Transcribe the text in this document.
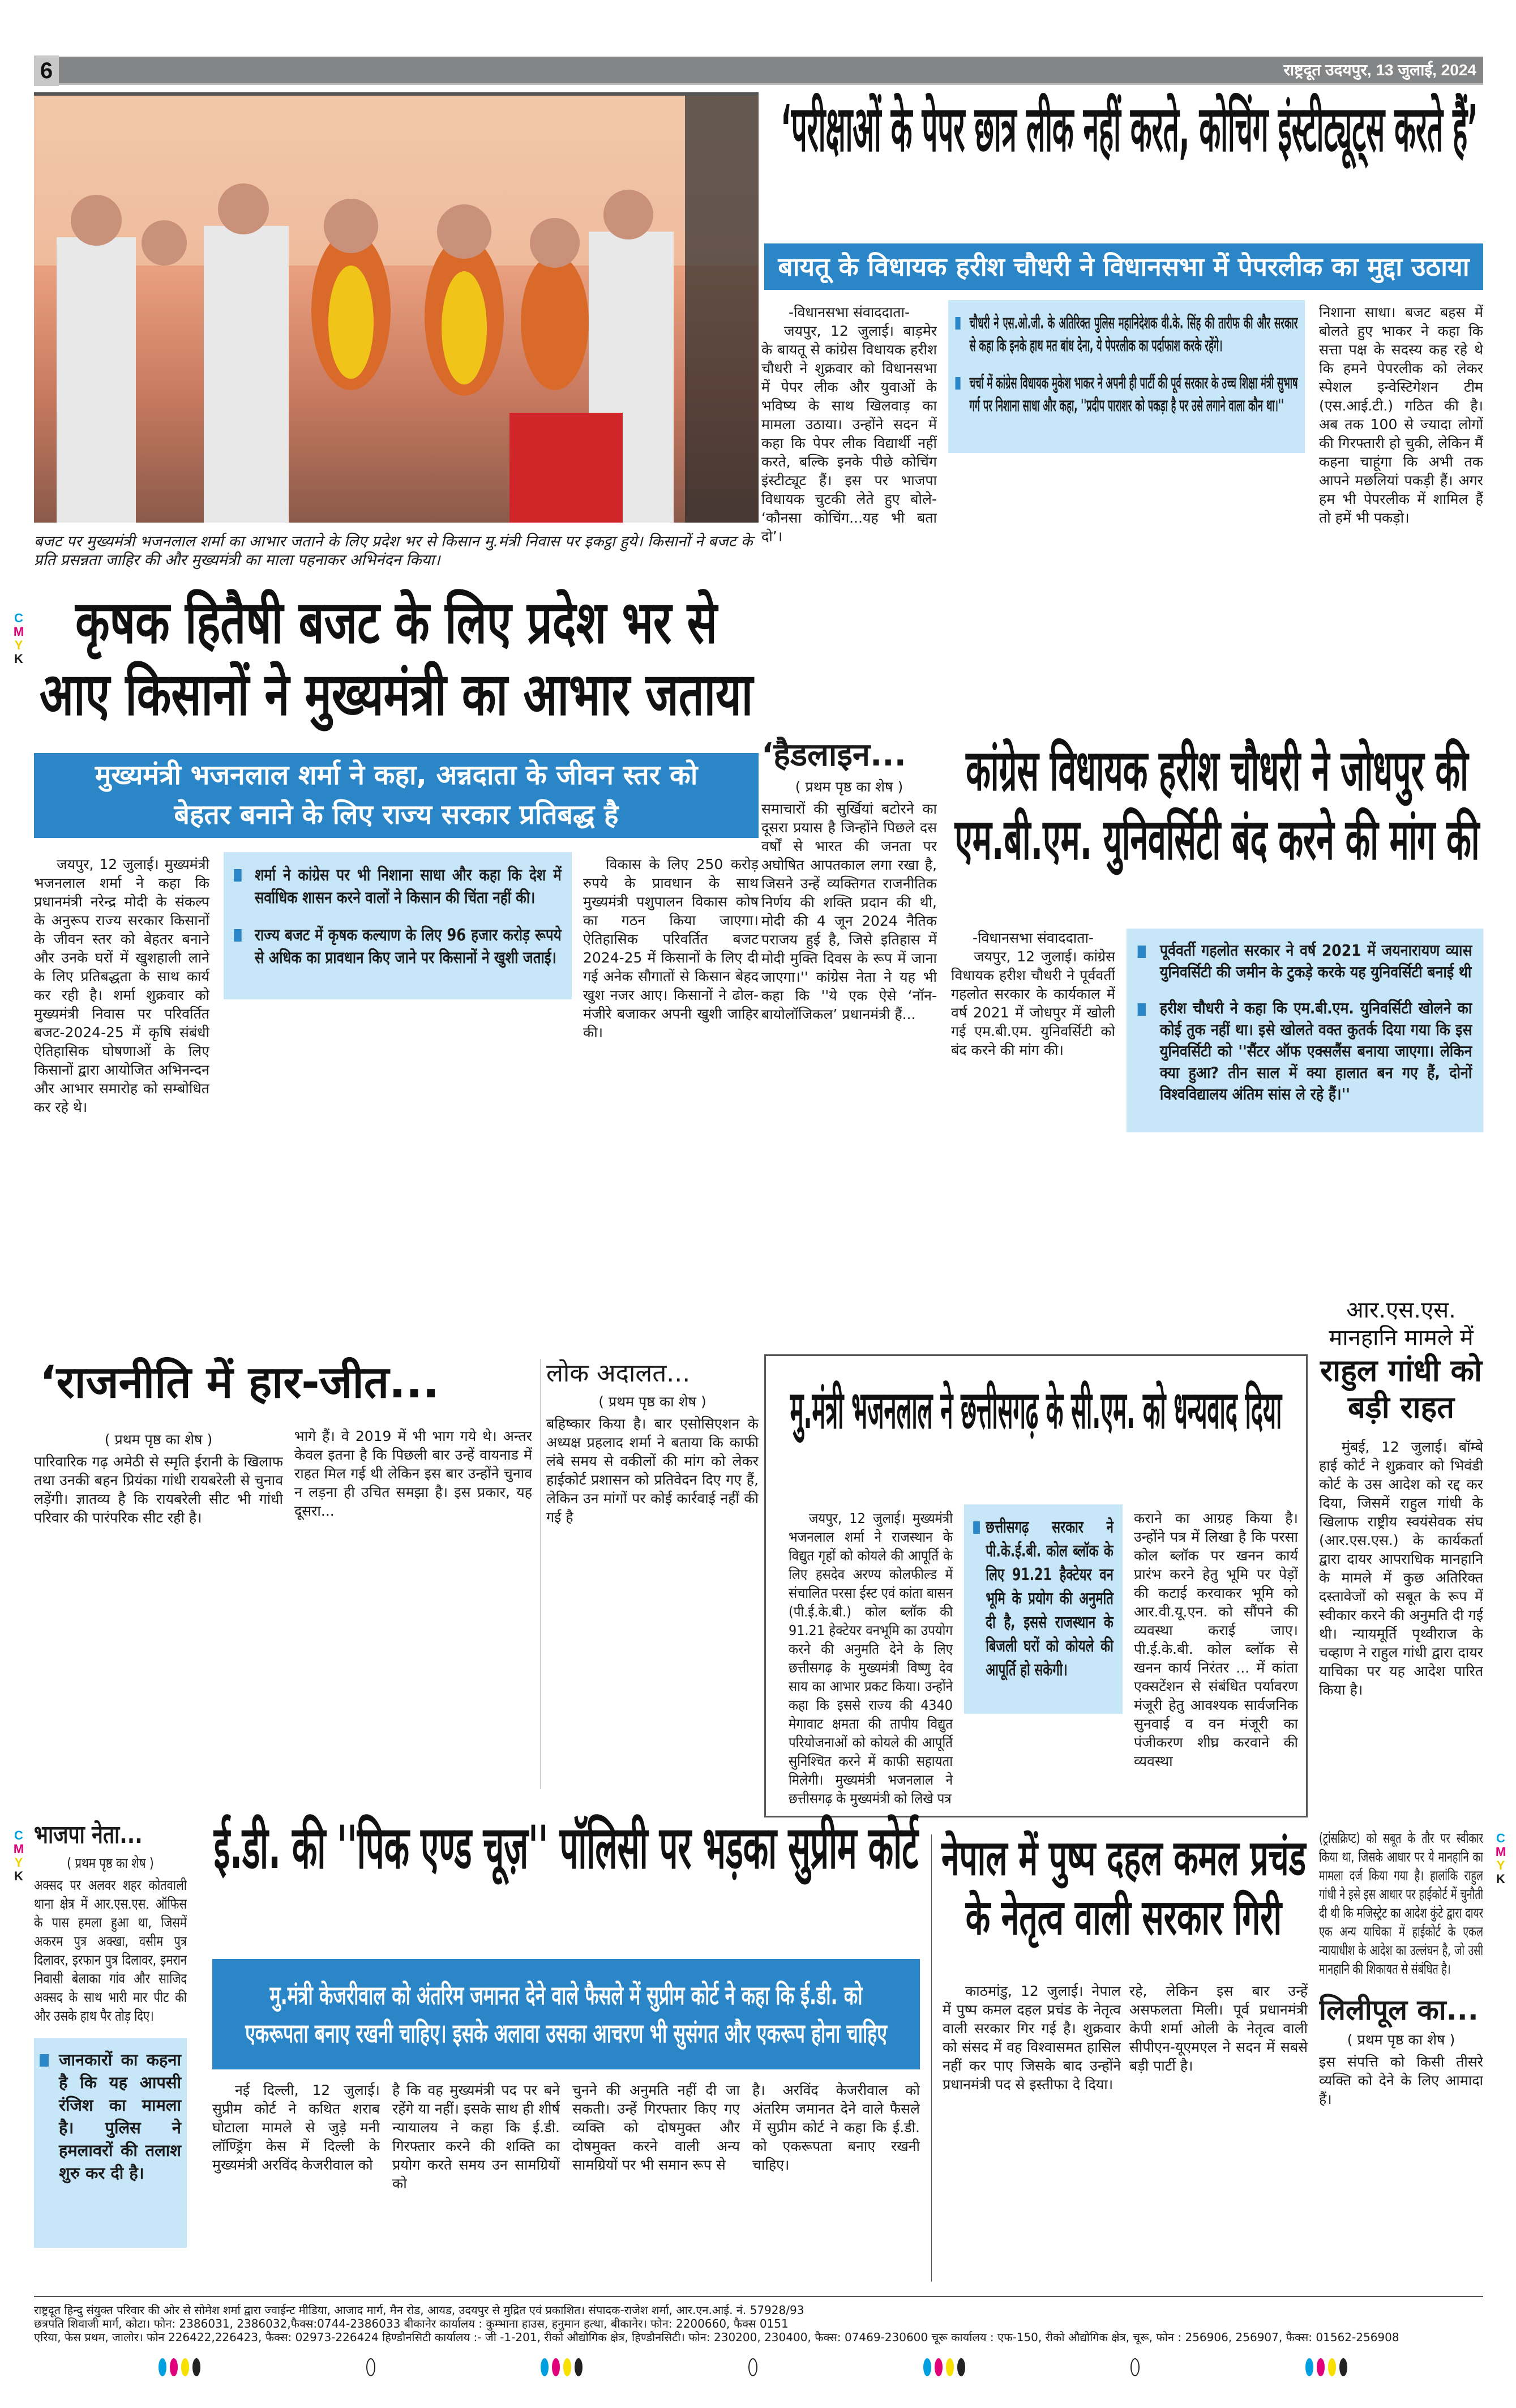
6	राष्ट्रदूत उदयपुर, 13 जुलाई, 2024
बजट पर मुख्यमंत्री भजनलाल शर्मा का आभार जताने के लिए प्रदेश भर से किसान मु.मंत्री निवास पर इकट्ठा हुये। किसानों ने बजट के प्रति प्रसन्नता जाहिर की और मुख्यमंत्री का माला पहनाकर अभिनंदन किया।
C
M
Y
K
कृषक हितैषी बजट के लिए प्रदेश भर से आए किसानों ने मुख्यमंत्री का आभार जताया
मुख्यमंत्री भजनलाल शर्मा ने कहा, अन्नदाता के जीवन स्तर को बेहतर बनाने के लिए राज्य सरकार प्रतिबद्ध है

जयपुर, 12 जुलाई। मुख्यमंत्री भजनलाल शर्मा ने कहा कि प्रधानमंत्री नरेन्द्र मोदी के संकल्प के अनुरूप राज्य सरकार किसानों के जीवन स्तर को बेहतर बनाने और उनके घरों में खुशहाली लाने के लिए प्रतिबद्धता के साथ कार्य कर रही है। शर्मा शुक्रवार को मुख्यमंत्री निवास पर परिवर्तित बजट-2024-25 में कृषि संबंधी ऐतिहासिक घोषणाओं के लिए किसानों द्वारा आयोजित अभिनन्दन और आभार समारोह को सम्बोधित कर रहे थे।

शर्मा ने कांग्रेस पर भी निशाना साधा और कहा कि देश में सर्वाधिक शासन करने वालों ने किसान की चिंता नहीं की।
राज्य बजट में कृषक कल्याण के लिए 96 हजार करोड़ रूपये से अधिक का प्रावधान किए जाने पर किसानों ने खुशी जताई।

विकास के लिए 250 करोड़ रुपये के प्रावधान के साथ मुख्यमंत्री पशुपालन विकास कोष का गठन किया जाएगा। ऐतिहासिक परिवर्तित बजट 2024-25 में किसानों के लिए दी गई अनेक सौगातों से किसान बेहद खुश नजर आए। किसानों ने ढोल-मंजीरे बजाकर अपनी खुशी जाहिर की।

‘परीक्षाओं के पेपर छात्र लीक नहीं करते, कोचिंग इंस्टीट्यूट्स करते हैं’
बायतू के विधायक हरीश चौधरी ने विधानसभा में पेपरलीक का मुद्दा उठाया
-विधानसभा संवाददाता-

जयपुर, 12 जुलाई। बाड़मेर के बायतू से कांग्रेस विधायक हरीश चौधरी ने शुक्रवार को विधानसभा में पेपर लीक और युवाओं के भविष्य के साथ खिलवाड़ का मामला उठाया। उन्होंने सदन में कहा कि पेपर लीक विद्यार्थी नहीं करते, बल्कि इनके पीछे कोचिंग इंस्टीट्यूट हैं। इस पर भाजपा विधायक चुटकी लेते हुए बोले- ‘कौनसा कोचिंग...यह भी बता दो’।

चौधरी ने एस.ओ.जी. के अतिरिक्त पुलिस महानिदेशक वी.के. सिंह की तारीफ की और सरकार से कहा कि इनके हाथ मत बांध देना, ये पेपरलीक का पर्दाफाश करके रहेंगे।
चर्चा में कांग्रेस विधायक मुकेश भाकर ने अपनी ही पार्टी की पूर्व सरकार के उच्च शिक्षा मंत्री सुभाष गर्ग पर निशाना साधा और कहा, ''प्रदीप पाराशर को पकड़ा है पर उसे लगाने वाला कौन था।''

निशाना साधा। बजट बहस में बोलते हुए भाकर ने कहा कि सत्ता पक्ष के सदस्य कह रहे थे कि हमने पेपरलीक को लेकर स्पेशल इन्वेस्टिगेशन टीम (एस.आई.टी.) गठित की है। अब तक 100 से ज्यादा लोगों की गिरफ्तारी हो चुकी, लेकिन मैं कहना चाहूंगा कि अभी तक आपने मछलियां पकड़ी हैं। अगर हम भी पेपरलीक में शामिल हैं तो हमें भी पकड़ो।

‘हैडलाइन...
( प्रथम पृष्ठ का शेष )
समाचारों की सुर्खियां बटोरने का दूसरा प्रयास है जिन्होंने पिछले दस वर्षों से भारत की जनता पर अघोषित आपतकाल लगा रखा है, जिसने उन्हें व्यक्तिगत राजनीतिक निर्णय की शक्ति प्रदान की थी, मोदी की 4 जून 2024 नैतिक पराजय हुई है, जिसे इतिहास में मोदी मुक्ति दिवस के रूप में जाना जाएगा।'' कांग्रेस नेता ने यह भी कहा कि ''ये एक ऐसे ‘नॉन-बायोलॉजिकल’ प्रधानमंत्री हैं...
कांग्रेस विधायक हरीश चौधरी ने जोधपुर की एम.बी.एम. युनिवर्सिटी बंद करने की मांग की
-विधानसभा संवाददाता-

जयपुर, 12 जुलाई। कांग्रेस विधायक हरीश चौधरी ने पूर्ववर्ती गहलोत सरकार के कार्यकाल में वर्ष 2021 में जोधपुर में खोली गई एम.बी.एम. युनिवर्सिटी को बंद करने की मांग की।

पूर्ववर्ती गहलोत सरकार ने वर्ष 2021 में जयनारायण व्यास युनिवर्सिटी की जमीन के टुकड़े करके यह युनिवर्सिटी बनाई थी
हरीश चौधरी ने कहा कि एम.बी.एम. युनिवर्सिटी खोलने का कोई तुक नहीं था। इसे खोलते वक्त कुतर्क दिया गया कि इस युनिवर्सिटी को ''सैंटर ऑफ एक्सलैंस बनाया जाएगा। लेकिन क्या हुआ? तीन साल में क्या हालात बन गए हैं, दोनों विश्वविद्यालय अंतिम सांस ले रहे हैं।''
आर.एस.एस. मानहानि मामले में
राहुल गांधी को बड़ी राहत

मुंबई, 12 जुलाई। बॉम्बे हाई कोर्ट ने शुक्रवार को भिवंडी कोर्ट के उस आदेश को रद्द कर दिया, जिसमें राहुल गांधी के खिलाफ राष्ट्रीय स्वयंसेवक संघ (आर.एस.एस.) के कार्यकर्ता द्वारा दायर आपराधिक मानहानि के मामले में कुछ अतिरिक्त दस्तावेजों को सबूत के रूप में स्वीकार करने की अनुमति दी गई थी। न्यायमूर्ति पृथ्वीराज के चव्हाण ने राहुल गांधी द्वारा दायर याचिका पर यह आदेश पारित किया है।

(ट्रांसक्रिप्ट) को सबूत के तौर पर स्वीकार किया था, जिसके आधार पर ये मानहानि का मामला दर्ज किया गया है। हालांकि राहुल गांधी ने इसे इस आधार पर हाईकोर्ट में चुनौती दी थी कि मजिस्ट्रेट का आदेश कुंटे द्वारा दायर एक अन्य याचिका में हाईकोर्ट के एकल न्यायाधीश के आदेश का उल्लंघन है, जो उसी मानहानि की शिकायत से संबंधित है।
‘राजनीति में हार-जीत...
( प्रथम पृष्ठ का शेष )

पारिवारिक गढ़ अमेठी से स्मृति ईरानी के खिलाफ तथा उनकी बहन प्रियंका गांधी रायबरेली से चुनाव लड़ेंगी। ज्ञातव्य है कि रायबरेली सीट भी गांधी परिवार की पारंपरिक सीट रही है।

भागे हैं। वे 2019 में भी भाग गये थे। अन्तर केवल इतना है कि पिछली बार उन्हें वायनाड में राहत मिल गई थी लेकिन इस बार उन्होंने चुनाव न लड़ना ही उचित समझा है। इस प्रकार, यह दूसरा...
लोक अदालत...
( प्रथम पृष्ठ का शेष )
बहिष्कार किया है। बार एसोसिएशन के अध्यक्ष प्रहलाद शर्मा ने बताया कि काफी लंबे समय से वकीलों की मांग को लेकर हाईकोर्ट प्रशासन को प्रतिवेदन दिए गए हैं, लेकिन उन मांगों पर कोई कार्रवाई नहीं की गई है
मु.मंत्री भजनलाल ने छत्तीसगढ़ के सी.एम. को धन्यवाद दिया

जयपुर, 12 जुलाई। मुख्यमंत्री भजनलाल शर्मा ने राजस्थान के विद्युत गृहों को कोयले की आपूर्ति के लिए हसदेव अरण्य कोलफील्ड में संचालित परसा ईस्ट एवं कांता बासन (पी.ई.के.बी.) कोल ब्लॉक की 91.21 हेक्टेयर वनभूमि का उपयोग करने की अनुमति देने के लिए छत्तीसगढ़ के मुख्यमंत्री विष्णु देव साय का आभार प्रकट किया। उन्होंने कहा कि इससे राज्य की 4340 मेगावाट क्षमता की तापीय विद्युत परियोजनाओं को कोयले की आपूर्ति सुनिश्चित करने में काफी सहायता मिलेगी। मुख्यमंत्री भजनलाल ने छत्तीसगढ़ के मुख्यमंत्री को लिखे पत्र

छत्तीसगढ़ सरकार ने पी.के.ई.बी. कोल ब्लॉक के लिए 91.21 हैक्टेयर वन भूमि के प्रयोग की अनुमति दी है, इससे राजस्थान के बिजली घरों को कोयले की आपूर्ति हो सकेगी।
कराने का आग्रह किया है। उन्होंने पत्र में लिखा है कि परसा कोल ब्लॉक पर खनन कार्य प्रारंभ करने हेतु भूमि पर पेड़ों की कटाई करवाकर भूमि को आर.वी.यू.एन. को सौंपने की व्यवस्था कराई जाए। पी.ई.के.बी. कोल ब्लॉक से खनन कार्य निरंतर ... में कांता एक्सटेंशन से संबंधित पर्यावरण मंजूरी हेतु आवश्यक सार्वजनिक सुनवाई व वन मंजूरी का पंजीकरण शीघ्र करवाने की व्यवस्था
भाजपा नेता...
( प्रथम पृष्ठ का शेष )
अक्सद पर अलवर शहर कोतवाली थाना क्षेत्र में आर.एस.एस. ऑफिस के पास हमला हुआ था, जिसमें अकरम पुत्र अक्खा, वसीम पुत्र दिलावर, इरफान पुत्र दिलावर, इमरान निवासी बेलाका गांव और साजिद अक्सद के साथ भारी मार पीट की और उसके हाथ पैर तोड़ दिए।
जानकारों का कहना है कि यह आपसी रंजिश का मामला है। पुलिस ने हमलावरों की तलाश शुरु कर दी है।
C
M
Y
K	ई.डी. की ''पिक एण्ड चूज़'' पॉलिसी पर भड़का सुप्रीम कोर्ट
मु.मंत्री केजरीवाल को अंतरिम जमानत देने वाले फैसले में सुप्रीम कोर्ट ने कहा कि ई.डी. को एकरूपता बनाए रखनी चाहिए। इसके अलावा उसका आचरण भी सुसंगत और एकरूप होना चाहिए

नई दिल्ली, 12 जुलाई। सुप्रीम कोर्ट ने कथित शराब घोटाला मामले से जुड़े मनी लॉण्ड्रिंग केस में दिल्ली के मुख्यमंत्री अरविंद केजरीवाल को

है कि वह मुख्यमंत्री पद पर बने रहेंगे या नहीं। इसके साथ ही शीर्ष न्यायालय ने कहा कि ई.डी. गिरफ्तार करने की शक्ति का प्रयोग करते समय उन सामग्रियों को
चुनने की अनुमति नहीं दी जा सकती। उन्हें गिरफ्तार किए गए व्यक्ति को दोषमुक्त और दोषमुक्त करने वाली अन्य सामग्रियों पर भी समान रूप से
है। अरविंद केजरीवाल को अंतरिम जमानत देने वाले फैसले में सुप्रीम कोर्ट ने कहा कि ई.डी. को एकरूपता बनाए रखनी चाहिए।
नेपाल में पुष्प दहल कमल प्रचंड के नेतृत्व वाली सरकार गिरी

काठमांडु, 12 जुलाई। नेपाल में पुष्प कमल दहल प्रचंड के नेतृत्व वाली सरकार गिर गई है। शुक्रवार को संसद में वह विश्वासमत हासिल नहीं कर पाए जिसके बाद उन्होंने प्रधानमंत्री पद से इस्तीफा दे दिया।

रहे, लेकिन इस बार उन्हें असफलता मिली। पूर्व प्रधानमंत्री केपी शर्मा ओली के नेतृत्व वाली सीपीएन-यूएमएल ने सदन में सबसे बड़ी पार्टी है।
लिलीपूल का...
( प्रथम पृष्ठ का शेष )
इस संपत्ति को किसी तीसरे व्यक्ति को देने के लिए आमादा हैं।
C
M
Y
K
राष्ट्रदूत हिन्दु संयुक्त परिवार की ओर से सोमेश शर्मा द्वारा ज्वाईन्ट मीडिया, आजाद मार्ग, मैन रोड, आयड, उदयपुर से मुद्रित एवं प्रकाशित। संपादक-राजेश शर्मा, आर.एन.आई. नं. 57928/93
छत्रपति शिवाजी मार्ग, कोटा। फोन: 2386031, 2386032,फैक्स:0744-2386033 बीकानेर कार्यालय : कुम्भाना हाउस, हनुमान हत्था, बीकानेर। फोन: 2200660, फैक्स 0151
एरिया, फेस प्रथम, जालोर। फोन 226422,226423, फैक्स: 02973-226424 हिण्डौनसिटी कार्यालय :- जी -1-201, रीको औद्योगिक क्षेत्र, हिण्डौनसिटी। फोन: 230200, 230400, फैक्स: 07469-230600 चूरू कार्यालय : एफ-150, रीको औद्योगिक क्षेत्र, चूरू, फोन : 256906, 256907, फैक्स: 01562-256908
